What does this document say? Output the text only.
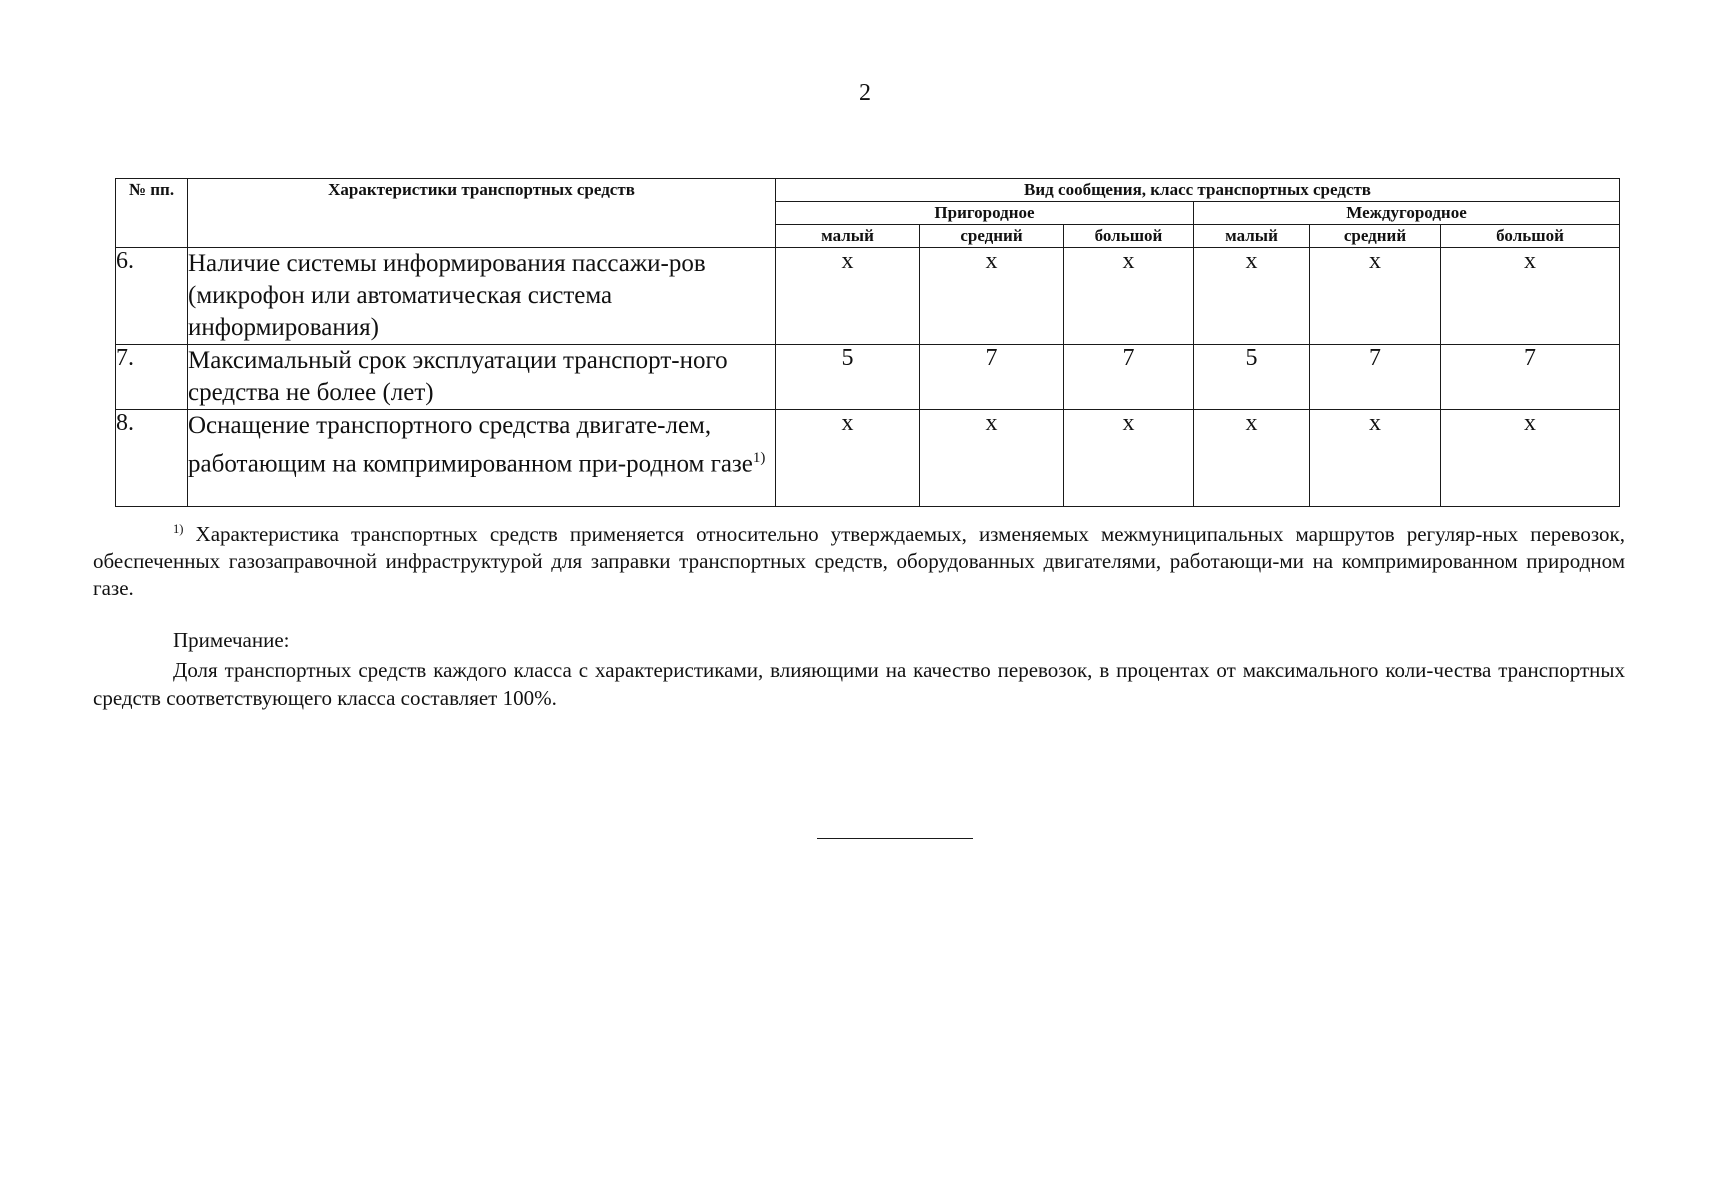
2
№ пп.	Характеристики транспортных средств	Вид сообщения, класс транспортных средств					
		Пригородное			Междугородное		
		малый	средний	большой	малый	средний	большой
6.	Наличие системы информирования пассажи-ров (микрофон или автоматическая система информирования)	х	х	х	х	х	х
7.	Максимальный срок эксплуатации транспорт-ного средства не более (лет)	5	7	7	5	7	7
8.	Оснащение транспортного средства двигате-лем, работающим на компримированном при-родном газе$^{1)}$	х	х	х	х	х	х
$^{1)}$ Характеристика транспортных средств применяется относительно утверждаемых, изменяемых межмуниципальных маршрутов регуляр-ных перевозок, обеспеченных газозаправочной инфраструктурой для заправки транспортных средств, оборудованных двигателями, работающи-ми на компримированном природном газе.
Примечание:
Доля транспортных средств каждого класса с характеристиками, влияющими на качество перевозок, в процентах от максимального коли-чества транспортных средств соответствующего класса составляет 100%.
